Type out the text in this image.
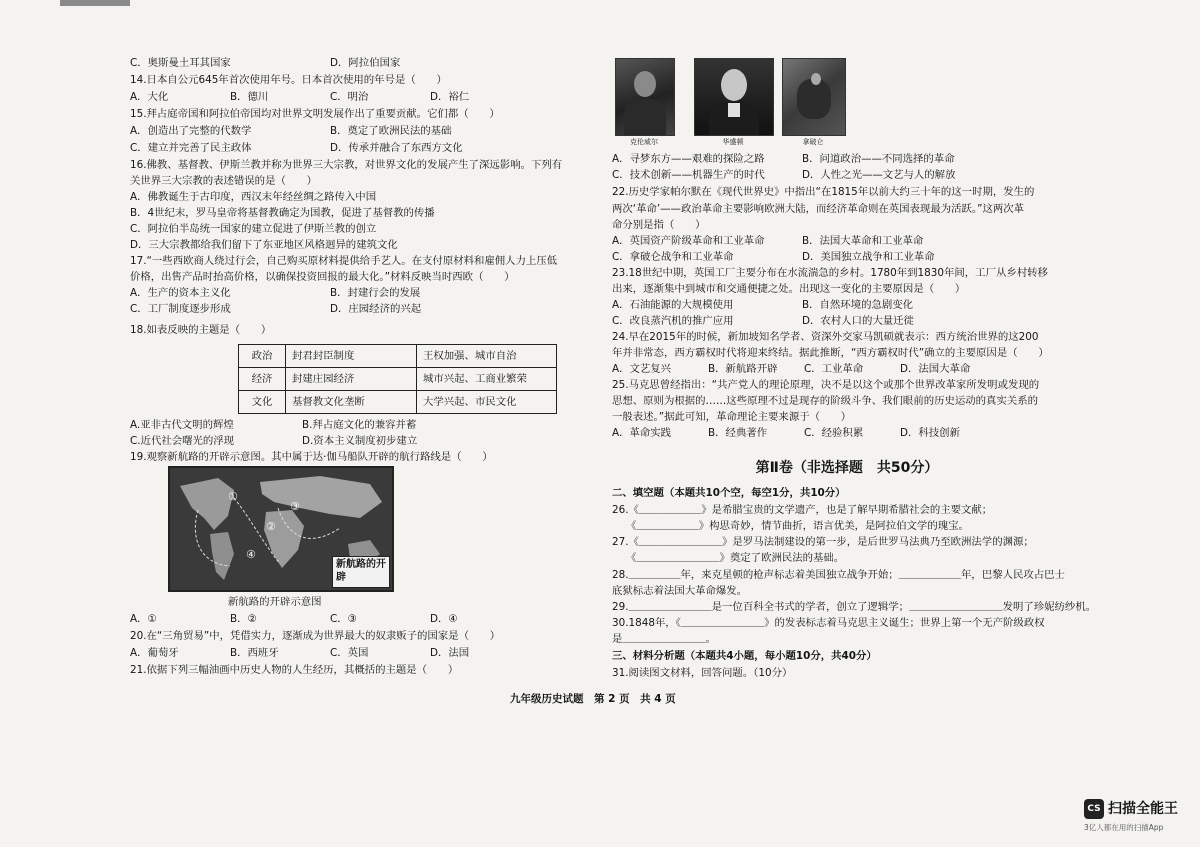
C．奥斯曼土耳其国家	D．阿拉伯国家
14.日本自公元645年首次使用年号。日本首次使用的年号是（　　）
A．大化	B．德川	C．明治	D．裕仁
15.拜占庭帝国和阿拉伯帝国均对世界文明发展作出了重要贡献。它们都（　　）
A．创造出了完整的代数学	B．奠定了欧洲民法的基础
C．建立并完善了民主政体	D．传承并融合了东西方文化
16.佛教、基督教、伊斯兰教并称为世界三大宗教，对世界文化的发展产生了深远影响。下列有
关世界三大宗教的表述错误的是（　　）
A．佛教诞生于古印度，西汉末年经丝绸之路传入中国
B．4世纪末，罗马皇帝将基督教确定为国教，促进了基督教的传播
C．阿拉伯半岛统一国家的建立促进了伊斯兰教的创立
D．三大宗教都给我们留下了东亚地区风格迥异的建筑文化
17.“一些西欧商人绕过行会，自己购买原材料提供给手艺人。在支付原材料和雇佣人力上压低
价格，出售产品时抬高价格，以确保投资回报的最大化。”材料反映当时西欧（　　）
A．生产的资本主义化	B．封建行会的发展
C．工厂制度逐步形成	D．庄园经济的兴起
18.如表反映的主题是（　　）
政治	封君封臣制度	王权加强、城市自治
经济	封建庄园经济	城市兴起、工商业繁荣
文化	基督教文化垄断	大学兴起、市民文化
A.亚非古代文明的辉煌	B.拜占庭文化的兼容并蓄
C.近代社会曙光的浮现	D.资本主义制度初步建立
19.观察新航路的开辟示意图。其中属于达·伽马船队开辟的航行路线是（　　）
①
②
③
④
新航路的开辟
新航路的开辟示意图
A．①	B．②	C．③	D．④
20.在“三角贸易”中，凭借实力，逐渐成为世界最大的奴隶贩子的国家是（　　）
A．葡萄牙	B．西班牙	C．英国	D．法国
21.依据下列三幅油画中历史人物的人生经历，其概括的主题是（　　）
克伦威尔	华盛顿	拿破仑
A．寻梦东方——艰难的探险之路	B．问道政治——不同选择的革命
C．技术创新——机器生产的时代	D．人性之光——文艺与人的解放
22.历史学家帕尔默在《现代世界史》中指出“在1815年以前大约三十年的这一时期，发生的
两次‘革命’——政治革命主要影响欧洲大陆，而经济革命则在英国表现最为活跃。”这两次革
命分别是指（　　）
A．英国资产阶级革命和工业革命	B．法国大革命和工业革命
C．拿破仑战争和工业革命	D．美国独立战争和工业革命
23.18世纪中期，英国工厂主要分布在水流湍急的乡村。1780年到1830年间，工厂从乡村转移
出来，逐渐集中到城市和交通便捷之处。出现这一变化的主要原因是（　　）
A．石油能源的大规模使用	B．自然环境的急剧变化
C．改良蒸汽机的推广应用	D．农村人口的大量迁徙
24.早在2015年的时候，新加坡知名学者、资深外交家马凯硕就表示：西方统治世界的这200
年并非常态，西方霸权时代将迎来终结。据此推断，“西方霸权时代”确立的主要原因是（　　）
A．文艺复兴	B．新航路开辟	C．工业革命	D．法国大革命
25.马克思曾经指出：“共产党人的理论原理，决不是以这个或那个世界改革家所发明或发现的
思想、原则为根据的……这些原理不过是现存的阶级斗争、我们眼前的历史运动的真实关系的
一般表述。”据此可知，革命理论主要来源于（　　）
A．革命实践	B．经典著作	C．经验积累	D．科技创新
第Ⅱ卷（非选择题　共50分）
二、填空题（本题共10个空，每空1分，共10分）
26.《＿＿＿＿＿＿》是希腊宝贵的文学遗产，也是了解早期希腊社会的主要文献；
《＿＿＿＿＿＿》构思奇妙，情节曲折，语言优美，是阿拉伯文学的瑰宝。
27.《＿＿＿＿＿＿＿＿》是罗马法制建设的第一步，是后世罗马法典乃至欧洲法学的渊源；
《＿＿＿＿＿＿＿＿》奠定了欧洲民法的基础。
28.＿＿＿＿＿年，来克星顿的枪声标志着美国独立战争开始；＿＿＿＿＿＿年，巴黎人民攻占巴士
底狱标志着法国大革命爆发。
29.＿＿＿＿＿＿＿＿是一位百科全书式的学者，创立了逻辑学；＿＿＿＿＿＿＿＿＿发明了珍妮纺纱机。
30.1848年，《＿＿＿＿＿＿＿＿》的发表标志着马克思主义诞生；世界上第一个无产阶级政权
是＿＿＿＿＿＿＿＿。
三、材料分析题（本题共4小题，每小题10分，共40分）
31.阅读图文材料，回答问题。（10分）
九年级历史试题　第 2 页　共 4 页
CS 扫描全能王
3亿人都在用的扫描App
